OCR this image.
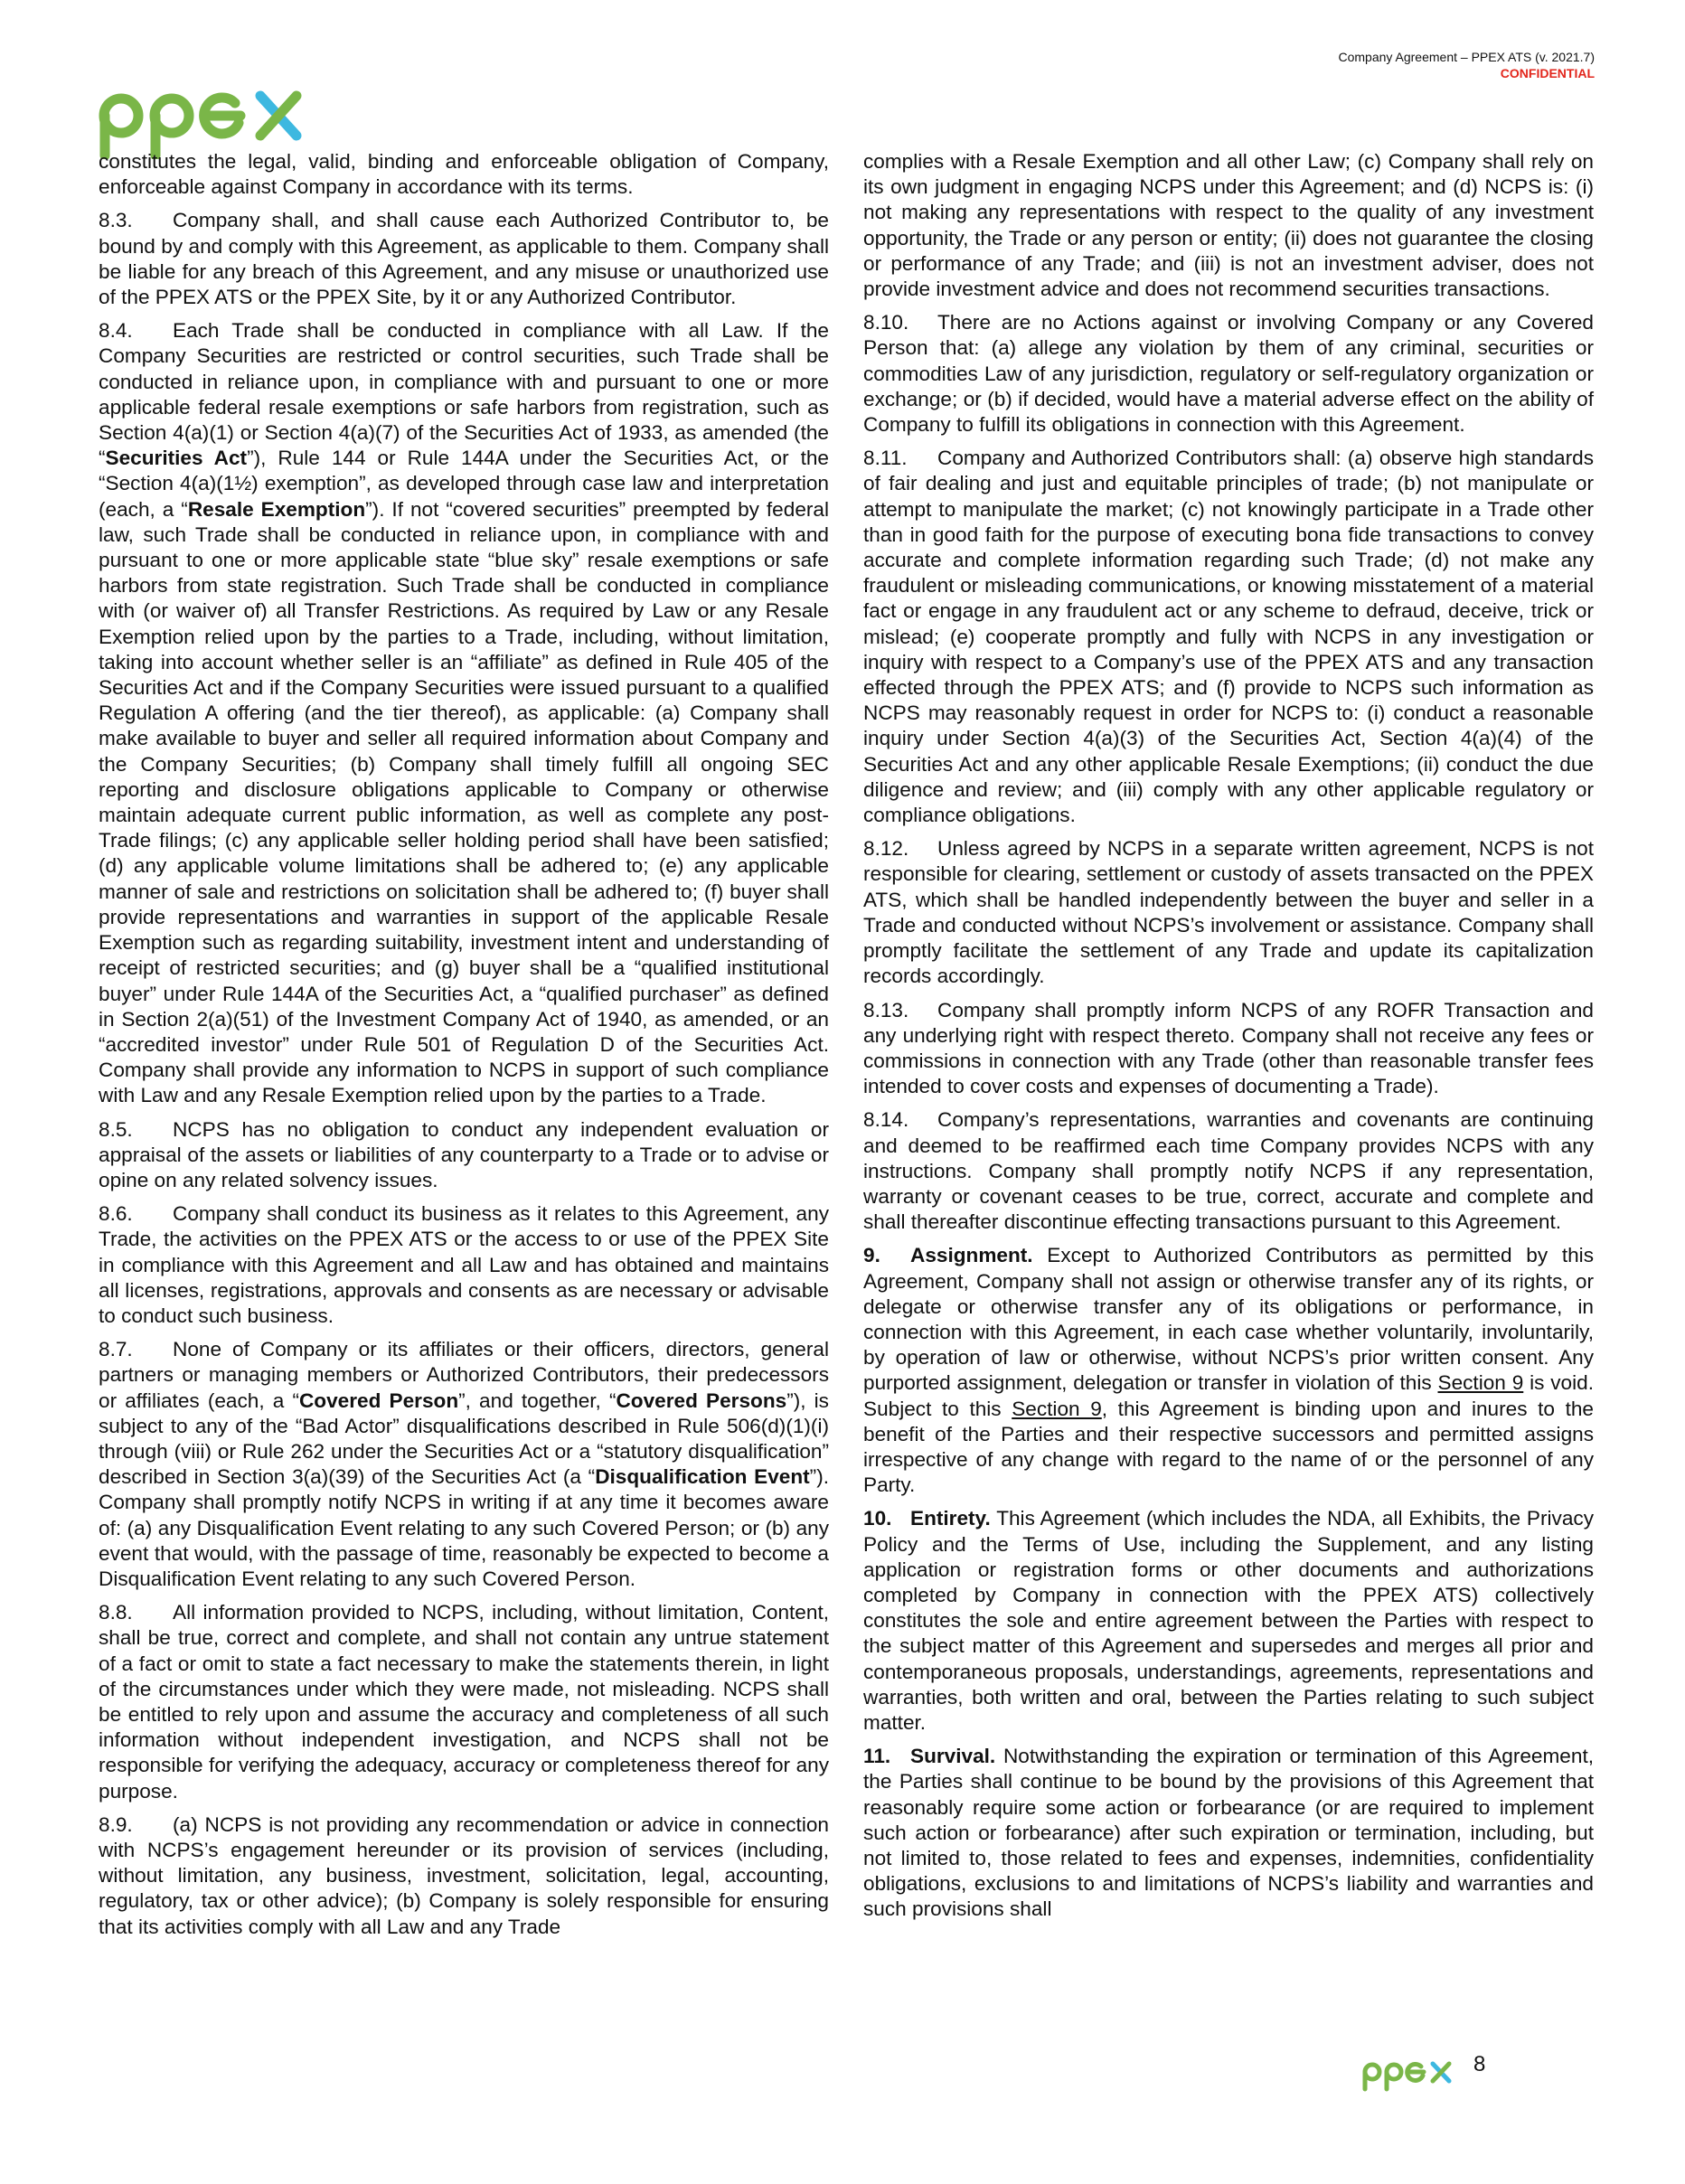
Company Agreement – PPEX ATS (v. 2021.7)
CONFIDENTIAL

constitutes the legal, valid, binding and enforceable obligation of Company, enforceable against Company in accordance with its terms.

8.3. Company shall, and shall cause each Authorized Contributor to, be bound by and comply with this Agreement, as applicable to them. Company shall be liable for any breach of this Agreement, and any misuse or unauthorized use of the PPEX ATS or the PPEX Site, by it or any Authorized Contributor.

8.4. Each Trade shall be conducted in compliance with all Law. If the Company Securities are restricted or control securities, such Trade shall be conducted in reliance upon, in compliance with and pursuant to one or more applicable federal resale exemptions or safe harbors from registration, such as Section 4(a)(1) or Section 4(a)(7) of the Securities Act of 1933, as amended (the “Securities Act”), Rule 144 or Rule 144A under the Securities Act, or the “Section 4(a)(1½) exemption”, as developed through case law and interpretation (each, a “Resale Exemption”). If not “covered securities” preempted by federal law, such Trade shall be conducted in reliance upon, in compliance with and pursuant to one or more applicable state “blue sky” resale exemptions or safe harbors from state registration. Such Trade shall be conducted in compliance with (or waiver of) all Transfer Restrictions. As required by Law or any Resale Exemption relied upon by the parties to a Trade, including, without limitation, taking into account whether seller is an “affiliate” as defined in Rule 405 of the Securities Act and if the Company Securities were issued pursuant to a qualified Regulation A offering (and the tier thereof), as applicable: (a) Company shall make available to buyer and seller all required information about Company and the Company Securities; (b) Company shall timely fulfill all ongoing SEC reporting and disclosure obligations applicable to Company or otherwise maintain adequate current public information, as well as complete any post-Trade filings; (c) any applicable seller holding period shall have been satisfied; (d) any applicable volume limitations shall be adhered to; (e) any applicable manner of sale and restrictions on solicitation shall be adhered to; (f) buyer shall provide representations and warranties in support of the applicable Resale Exemption such as regarding suitability, investment intent and understanding of receipt of restricted securities; and (g) buyer shall be a “qualified institutional buyer” under Rule 144A of the Securities Act, a “qualified purchaser” as defined in Section 2(a)(51) of the Investment Company Act of 1940, as amended, or an “accredited investor” under Rule 501 of Regulation D of the Securities Act. Company shall provide any information to NCPS in support of such compliance with Law and any Resale Exemption relied upon by the parties to a Trade.

8.5. NCPS has no obligation to conduct any independent evaluation or appraisal of the assets or liabilities of any counterparty to a Trade or to advise or opine on any related solvency issues.

8.6. Company shall conduct its business as it relates to this Agreement, any Trade, the activities on the PPEX ATS or the access to or use of the PPEX Site in compliance with this Agreement and all Law and has obtained and maintains all licenses, registrations, approvals and consents as are necessary or advisable to conduct such business.

8.7. None of Company or its affiliates or their officers, directors, general partners or managing members or Authorized Contributors, their predecessors or affiliates (each, a “Covered Person”, and together, “Covered Persons”), is subject to any of the “Bad Actor” disqualifications described in Rule 506(d)(1)(i) through (viii) or Rule 262 under the Securities Act or a “statutory disqualification” described in Section 3(a)(39) of the Securities Act (a “Disqualification Event”). Company shall promptly notify NCPS in writing if at any time it becomes aware of: (a) any Disqualification Event relating to any such Covered Person; or (b) any event that would, with the passage of time, reasonably be expected to become a Disqualification Event relating to any such Covered Person.

8.8. All information provided to NCPS, including, without limitation, Content, shall be true, correct and complete, and shall not contain any untrue statement of a fact or omit to state a fact necessary to make the statements therein, in light of the circumstances under which they were made, not misleading. NCPS shall be entitled to rely upon and assume the accuracy and completeness of all such information without independent investigation, and NCPS shall not be responsible for verifying the adequacy, accuracy or completeness thereof for any purpose.

8.9. (a) NCPS is not providing any recommendation or advice in connection with NCPS’s engagement hereunder or its provision of services (including, without limitation, any business, investment, solicitation, legal, accounting, regulatory, tax or other advice); (b) Company is solely responsible for ensuring that its activities comply with all Law and any Trade

complies with a Resale Exemption and all other Law; (c) Company shall rely on its own judgment in engaging NCPS under this Agreement; and (d) NCPS is: (i) not making any representations with respect to the quality of any investment opportunity, the Trade or any person or entity; (ii) does not guarantee the closing or performance of any Trade; and (iii) is not an investment adviser, does not provide investment advice and does not recommend securities transactions.

8.10. There are no Actions against or involving Company or any Covered Person that: (a) allege any violation by them of any criminal, securities or commodities Law of any jurisdiction, regulatory or self-regulatory organization or exchange; or (b) if decided, would have a material adverse effect on the ability of Company to fulfill its obligations in connection with this Agreement.

8.11. Company and Authorized Contributors shall: (a) observe high standards of fair dealing and just and equitable principles of trade; (b) not manipulate or attempt to manipulate the market; (c) not knowingly participate in a Trade other than in good faith for the purpose of executing bona fide transactions to convey accurate and complete information regarding such Trade; (d) not make any fraudulent or misleading communications, or knowing misstatement of a material fact or engage in any fraudulent act or any scheme to defraud, deceive, trick or mislead; (e) cooperate promptly and fully with NCPS in any investigation or inquiry with respect to a Company’s use of the PPEX ATS and any transaction effected through the PPEX ATS; and (f) provide to NCPS such information as NCPS may reasonably request in order for NCPS to: (i) conduct a reasonable inquiry under Section 4(a)(3) of the Securities Act, Section 4(a)(4) of the Securities Act and any other applicable Resale Exemptions; (ii) conduct the due diligence and review; and (iii) comply with any other applicable regulatory or compliance obligations.

8.12. Unless agreed by NCPS in a separate written agreement, NCPS is not responsible for clearing, settlement or custody of assets transacted on the PPEX ATS, which shall be handled independently between the buyer and seller in a Trade and conducted without NCPS’s involvement or assistance. Company shall promptly facilitate the settlement of any Trade and update its capitalization records accordingly.

8.13. Company shall promptly inform NCPS of any ROFR Transaction and any underlying right with respect thereto. Company shall not receive any fees or commissions in connection with any Trade (other than reasonable transfer fees intended to cover costs and expenses of documenting a Trade).

8.14. Company’s representations, warranties and covenants are continuing and deemed to be reaffirmed each time Company provides NCPS with any instructions. Company shall promptly notify NCPS if any representation, warranty or covenant ceases to be true, correct, accurate and complete and shall thereafter discontinue effecting transactions pursuant to this Agreement.

9. Assignment. Except to Authorized Contributors as permitted by this Agreement, Company shall not assign or otherwise transfer any of its rights, or delegate or otherwise transfer any of its obligations or performance, in connection with this Agreement, in each case whether voluntarily, involuntarily, by operation of law or otherwise, without NCPS’s prior written consent. Any purported assignment, delegation or transfer in violation of this Section 9 is void. Subject to this Section 9, this Agreement is binding upon and inures to the benefit of the Parties and their respective successors and permitted assigns irrespective of any change with regard to the name of or the personnel of any Party.

10. Entirety. This Agreement (which includes the NDA, all Exhibits, the Privacy Policy and the Terms of Use, including the Supplement, and any listing application or registration forms or other documents and authorizations completed by Company in connection with the PPEX ATS) collectively constitutes the sole and entire agreement between the Parties with respect to the subject matter of this Agreement and supersedes and merges all prior and contemporaneous proposals, understandings, agreements, representations and warranties, both written and oral, between the Parties relating to such subject matter.

11. Survival. Notwithstanding the expiration or termination of this Agreement, the Parties shall continue to be bound by the provisions of this Agreement that reasonably require some action or forbearance (or are required to implement such action or forbearance) after such expiration or termination, including, but not limited to, those related to fees and expenses, indemnities, confidentiality obligations, exclusions to and limitations of NCPS’s liability and warranties and such provisions shall

8
